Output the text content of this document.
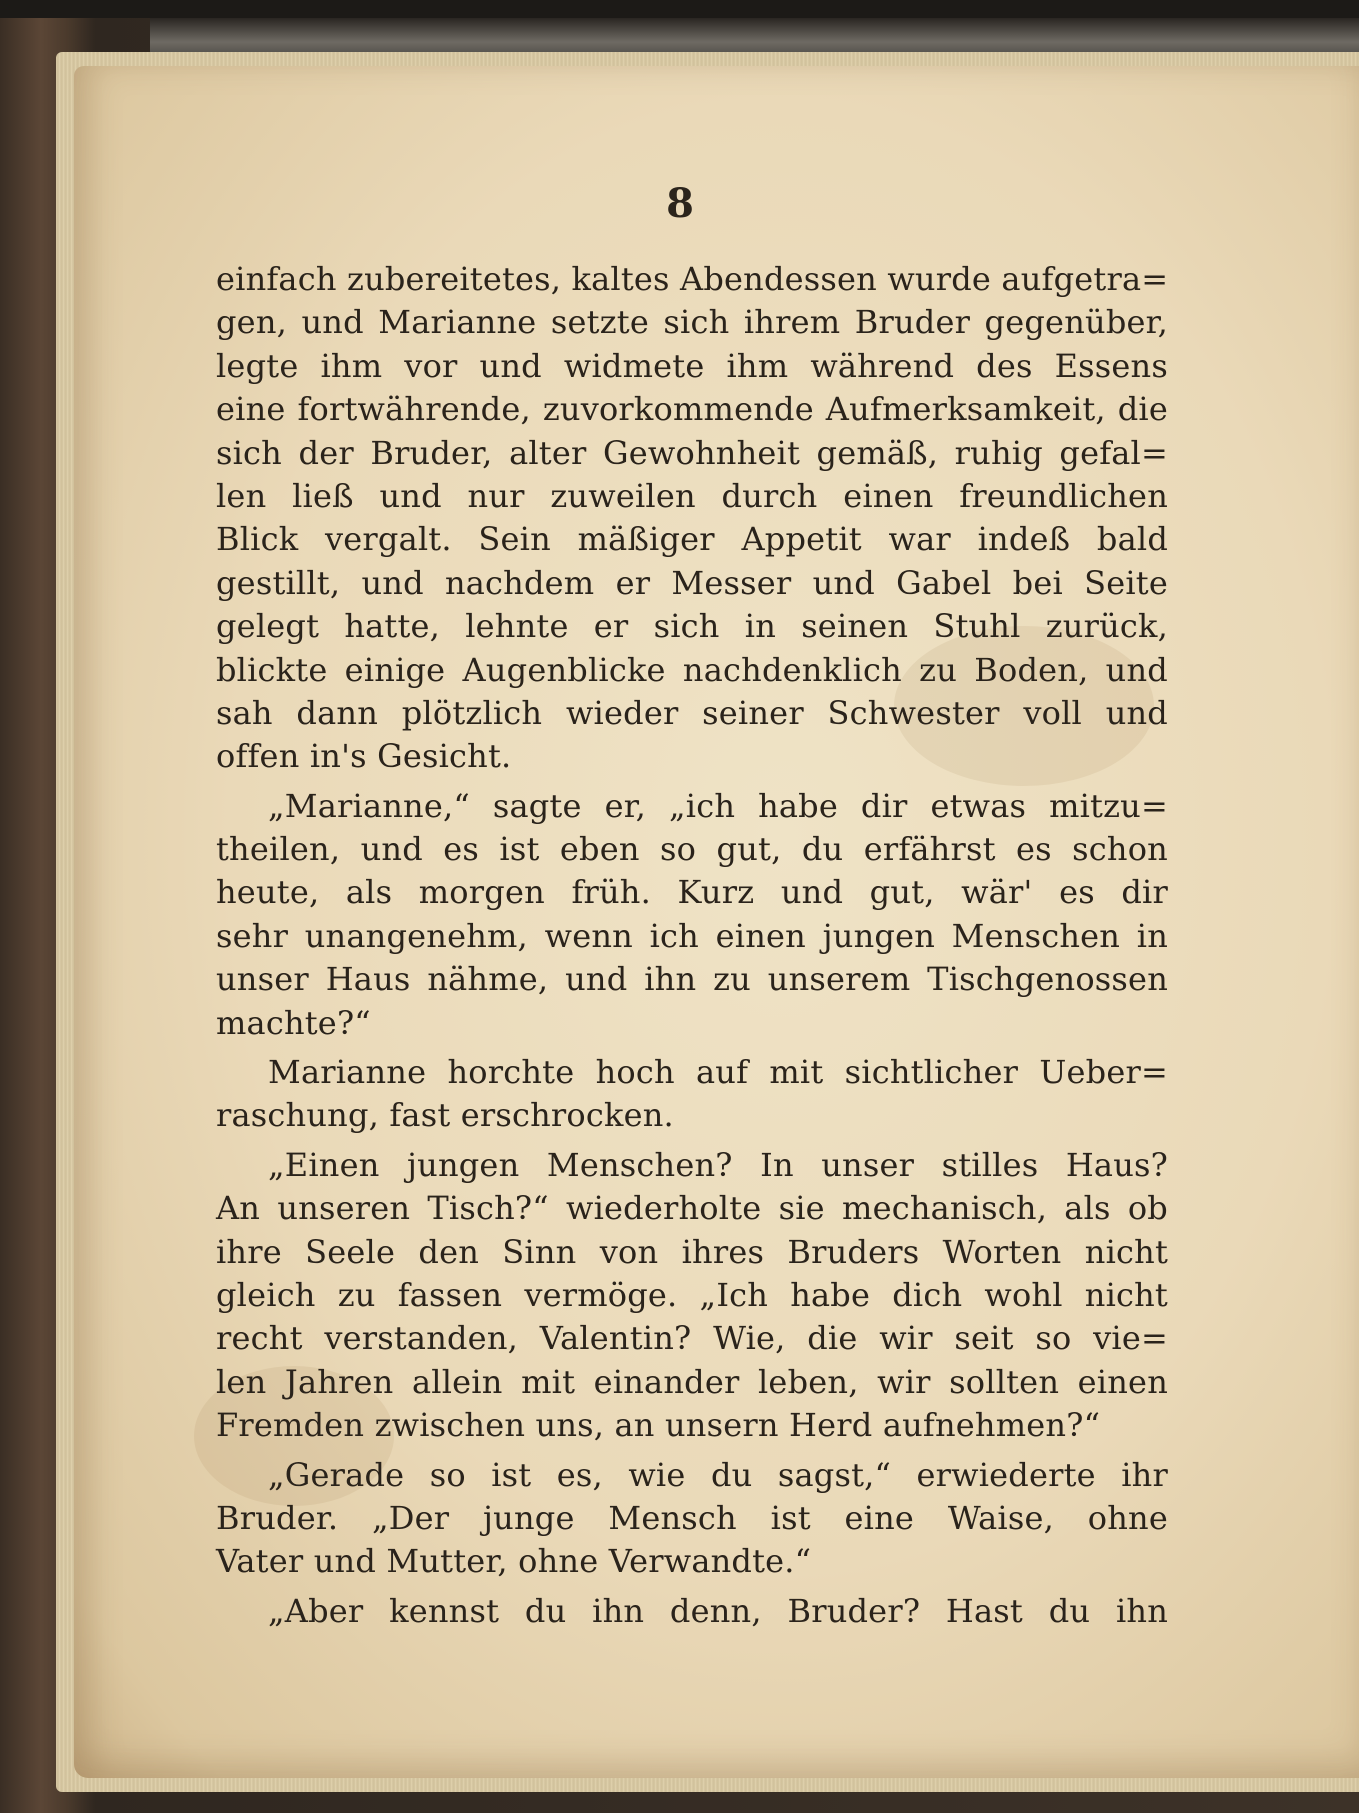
8
einfach zubereitetes, kaltes Abendessen wurde aufgetra=
gen, und Marianne setzte sich ihrem Bruder gegenüber,
legte ihm vor und widmete ihm während des Essens
eine fortwährende, zuvorkommende Aufmerksamkeit, die
sich der Bruder, alter Gewohnheit gemäß, ruhig gefal=
len ließ und nur zuweilen durch einen freundlichen
Blick vergalt. Sein mäßiger Appetit war indeß bald
gestillt, und nachdem er Messer und Gabel bei Seite
gelegt hatte, lehnte er sich in seinen Stuhl zurück,
blickte einige Augenblicke nachdenklich zu Boden, und
sah dann plötzlich wieder seiner Schwester voll und
offen in's Gesicht.
„Marianne,“ sagte er, „ich habe dir etwas mitzu=
theilen, und es ist eben so gut, du erfährst es schon
heute, als morgen früh. Kurz und gut, wär' es dir
sehr unangenehm, wenn ich einen jungen Menschen in
unser Haus nähme, und ihn zu unserem Tischgenossen
machte?“
Marianne horchte hoch auf mit sichtlicher Ueber=
raschung, fast erschrocken.
„Einen jungen Menschen? In unser stilles Haus?
An unseren Tisch?“ wiederholte sie mechanisch, als ob
ihre Seele den Sinn von ihres Bruders Worten nicht
gleich zu fassen vermöge. „Ich habe dich wohl nicht
recht verstanden, Valentin? Wie, die wir seit so vie=
len Jahren allein mit einander leben, wir sollten einen
Fremden zwischen uns, an unsern Herd aufnehmen?“
„Gerade so ist es, wie du sagst,“ erwiederte ihr
Bruder. „Der junge Mensch ist eine Waise, ohne
Vater und Mutter, ohne Verwandte.“
„Aber kennst du ihn denn, Bruder? Hast du ihn
